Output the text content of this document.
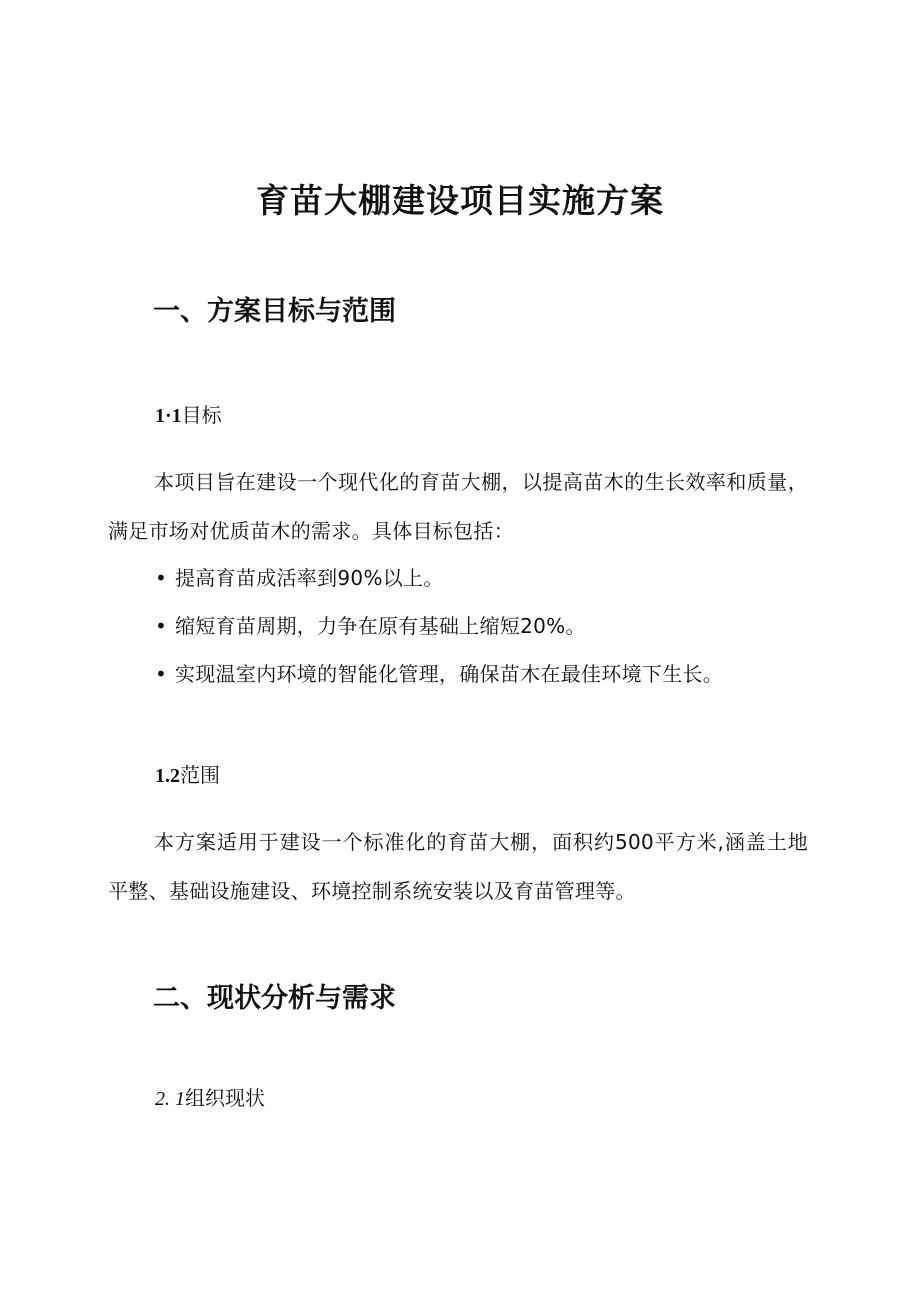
育苗大棚建设项目实施方案
一、方案目标与范围
1·1目标

本项目旨在建设一个现代化的育苗大棚，以提高苗木的生长效率和质量，满足市场对优质苗木的需求。具体目标包括：

• 提高育苗成活率到90%以上。
• 缩短育苗周期，力争在原有基础上缩短20%。
• 实现温室内环境的智能化管理，确保苗木在最佳环境下生长。
1.2范围

本方案适用于建设一个标准化的育苗大棚，面积约500平方米,涵盖土地平整、基础设施建设、环境控制系统安装以及育苗管理等。

二、现状分析与需求
2. 1组织现状
